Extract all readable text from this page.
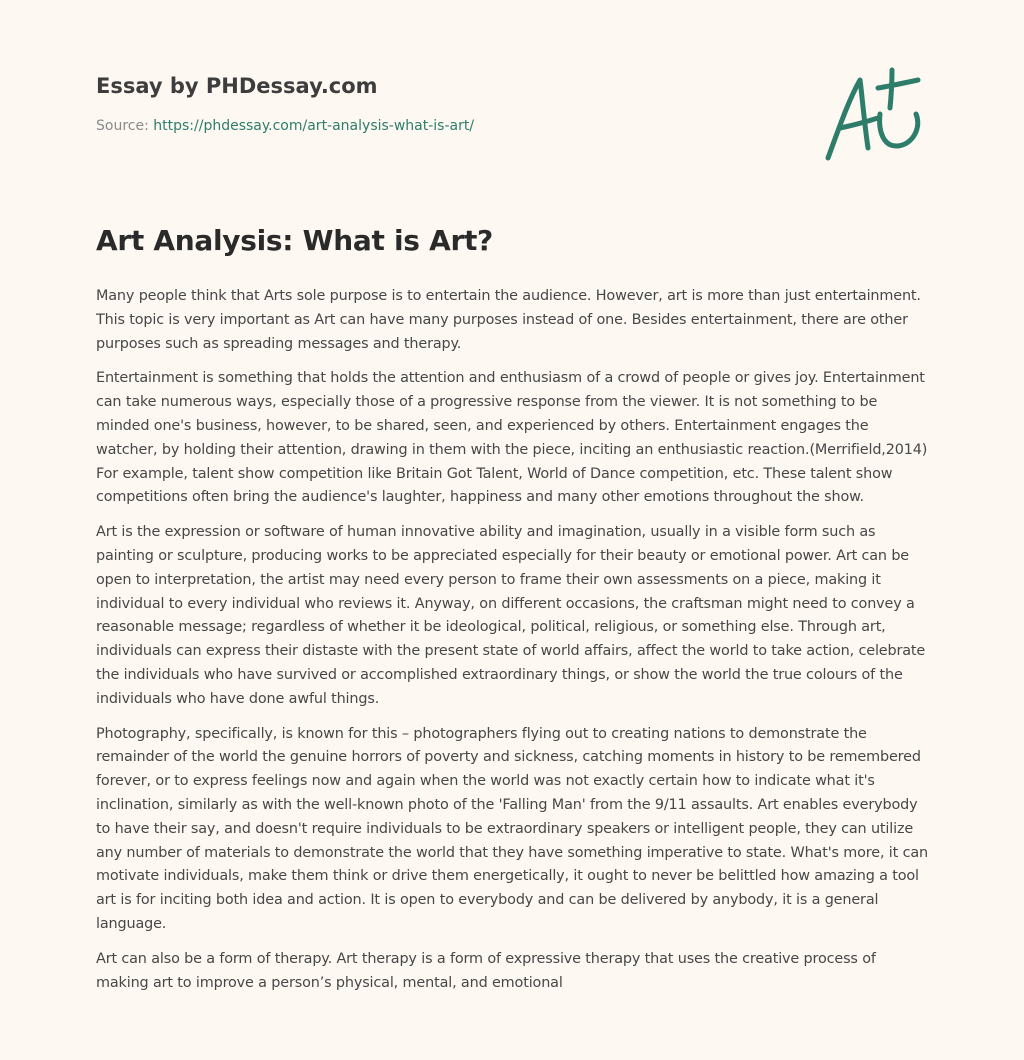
Essay by PHDessay.com
Source: https://phdessay.com/art-analysis-what-is-art/
Art Analysis: What is Art?

Many people think that Arts sole purpose is to entertain the audience. However, art is more than just entertainment. This topic is very important as Art can have many purposes instead of one. Besides entertainment, there are other purposes such as spreading messages and therapy.

Entertainment is something that holds the attention and enthusiasm of a crowd of people or gives joy. Entertainment can take numerous ways, especially those of a progressive response from the viewer. It is not something to be minded one's business, however, to be shared, seen, and experienced by others. Entertainment engages the watcher, by holding their attention, drawing in them with the piece, inciting an enthusiastic reaction.(Merrifield,2014) For example, talent show competition like Britain Got Talent, World of Dance competition, etc. These talent show competitions often bring the audience's laughter, happiness and many other emotions throughout the show.

Art is the expression or software of human innovative ability and imagination, usually in a visible form such as painting or sculpture, producing works to be appreciated especially for their beauty or emotional power. Art can be open to interpretation, the artist may need every person to frame their own assessments on a piece, making it individual to every individual who reviews it. Anyway, on different occasions, the craftsman might need to convey a reasonable message; regardless of whether it be ideological, political, religious, or something else. Through art, individuals can express their distaste with the present state of world affairs, affect the world to take action, celebrate the individuals who have survived or accomplished extraordinary things, or show the world the true colours of the individuals who have done awful things.

Photography, specifically, is known for this – photographers flying out to creating nations to demonstrate the remainder of the world the genuine horrors of poverty and sickness, catching moments in history to be remembered forever, or to express feelings now and again when the world was not exactly certain how to indicate what it's inclination, similarly as with the well-known photo of the 'Falling Man' from the 9/11 assaults. Art enables everybody to have their say, and doesn't require individuals to be extraordinary speakers or intelligent people, they can utilize any number of materials to demonstrate the world that they have something imperative to state. What's more, it can motivate individuals, make them think or drive them energetically, it ought to never be belittled how amazing a tool art is for inciting both idea and action. It is open to everybody and can be delivered by anybody, it is a general language.

Art can also be a form of therapy. Art therapy is a form of expressive therapy that uses the creative process of making art to improve a person’s physical, mental, and emotional
